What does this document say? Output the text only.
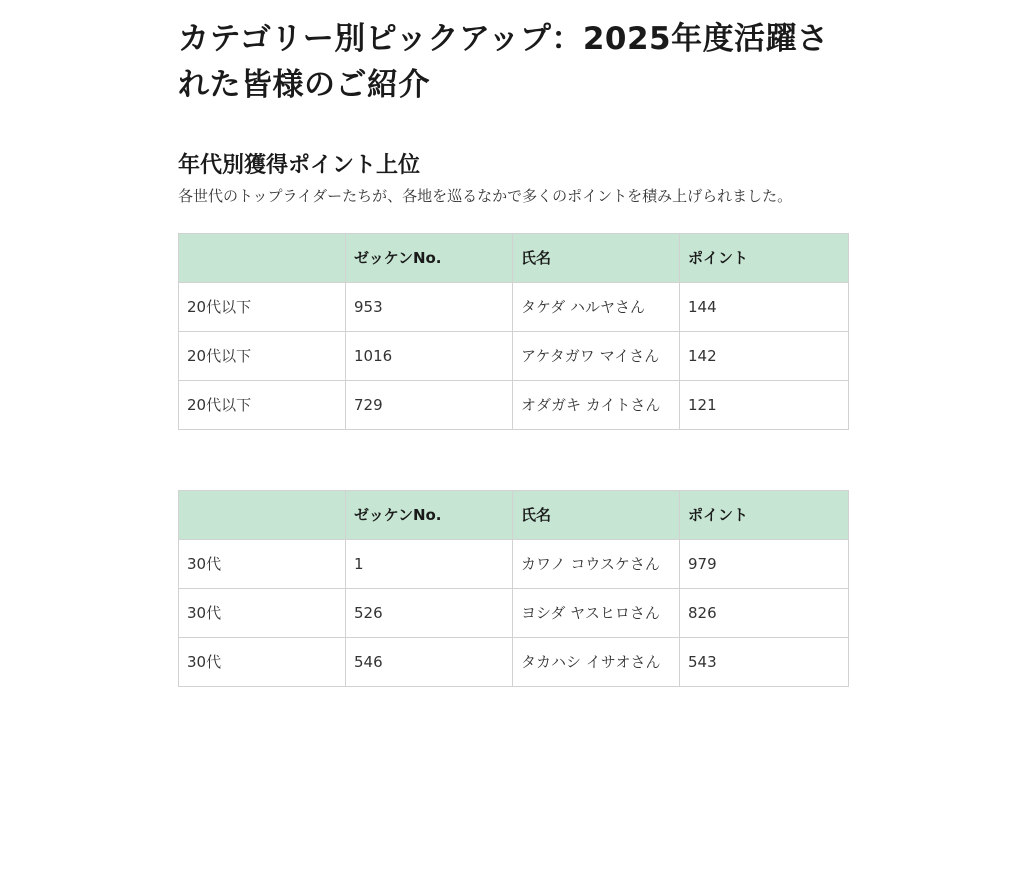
カテゴリー別ピックアップ：2025年度活躍された皆様のご紹介
年代別獲得ポイント上位

各世代のトップライダーたちが、各地を巡るなかで多くのポイントを積み上げられました。

	ゼッケンNo.	氏名	ポイント
20代以下	953	タケダ ハルヤさん	144
20代以下	1016	アケタガワ マイさん	142
20代以下	729	オダガキ カイトさん	121
	ゼッケンNo.	氏名	ポイント
30代	1	カワノ コウスケさん	979
30代	526	ヨシダ ヤスヒロさん	826
30代	546	タカハシ イサオさん	543
